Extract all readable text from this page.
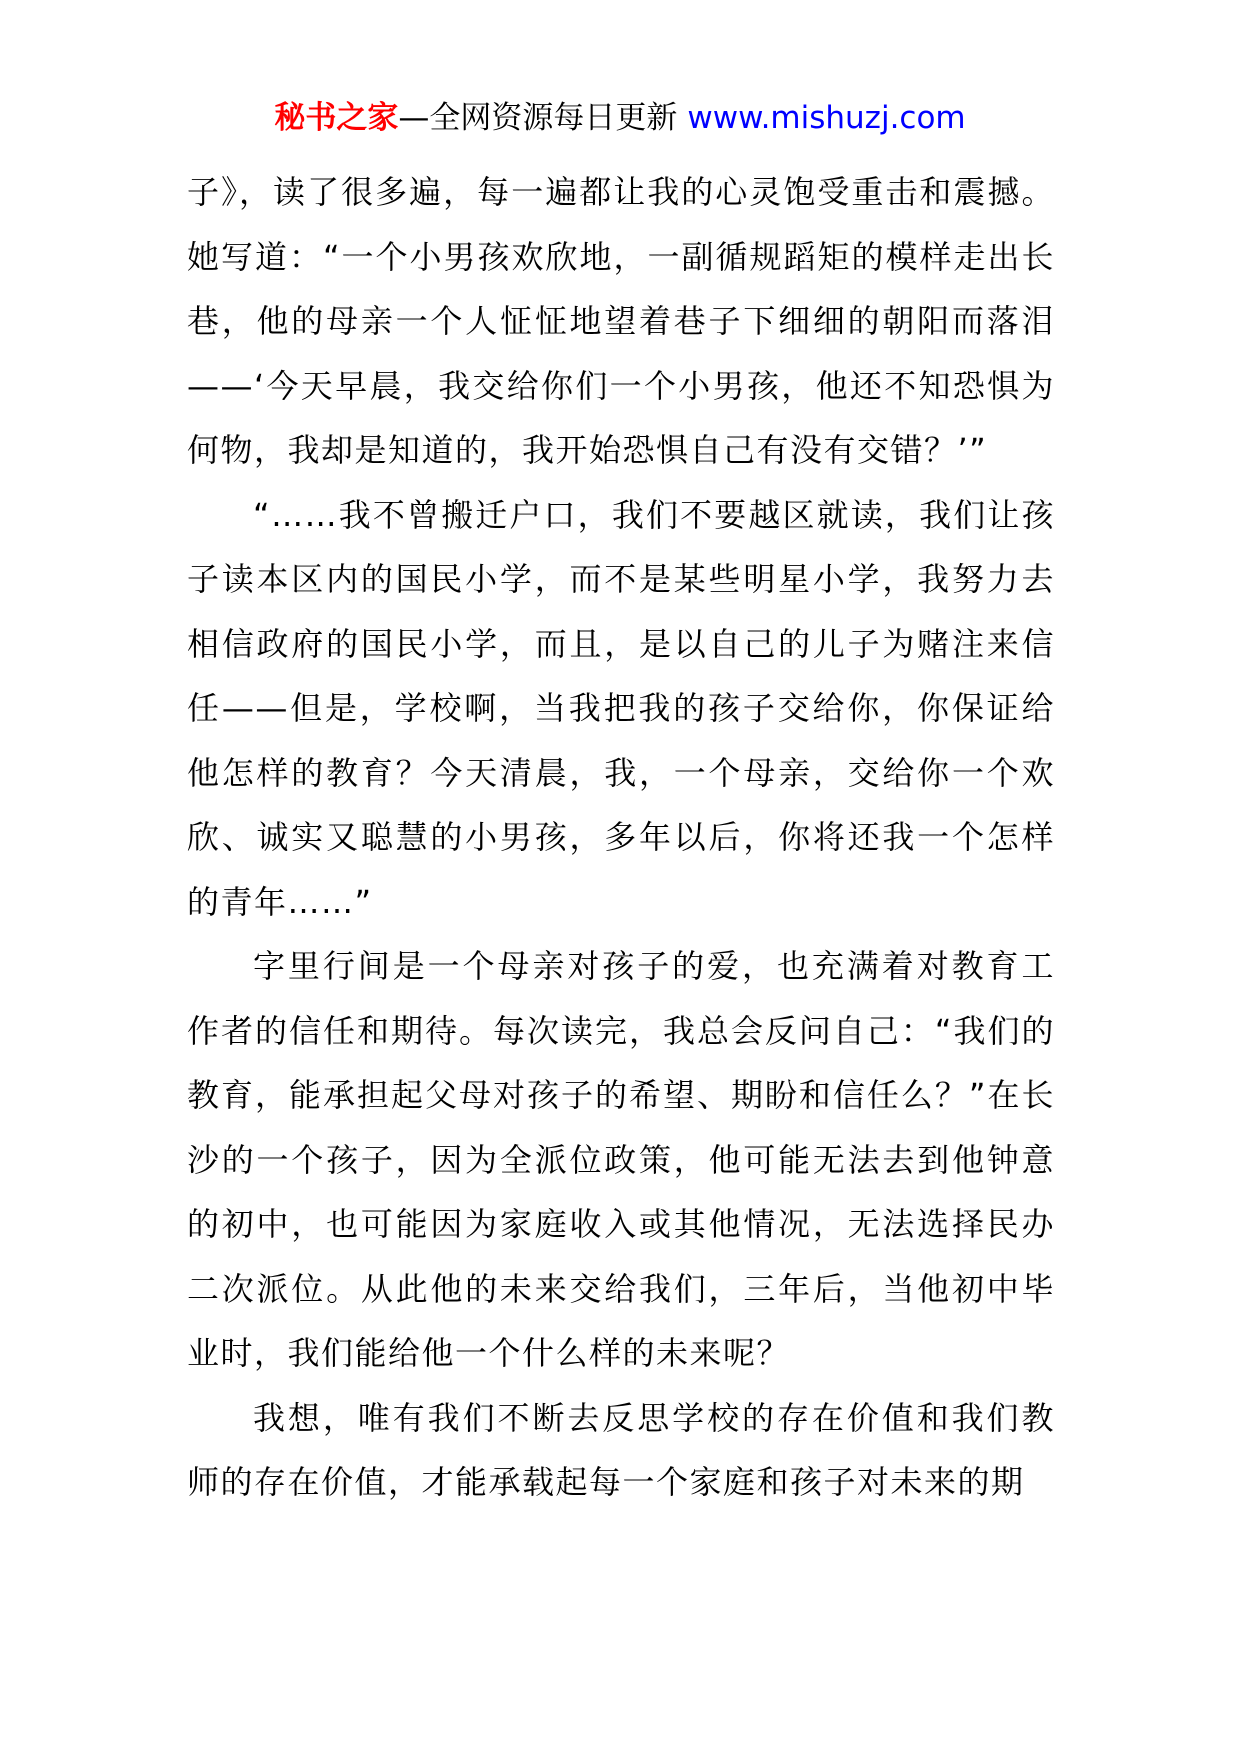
秘书之家—全网资源每日更新 www.mishuzj.com

子》，读了很多遍，每一遍都让我的心灵饱受重击和震撼。她写道：“一个小男孩欢欣地，一副循规蹈矩的模样走出长巷，他的母亲一个人怔怔地望着巷子下细细的朝阳而落泪——‘今天早晨，我交给你们一个小男孩，他还不知恐惧为何物，我却是知道的，我开始恐惧自己有没有交错？’”

“……我不曾搬迁户口，我们不要越区就读，我们让孩子读本区内的国民小学，而不是某些明星小学，我努力去相信政府的国民小学，而且，是以自己的儿子为赌注来信任——但是，学校啊，当我把我的孩子交给你，你保证给他怎样的教育？今天清晨，我，一个母亲，交给你一个欢欣、诚实又聪慧的小男孩，多年以后，你将还我一个怎样的青年……”

字里行间是一个母亲对孩子的爱，也充满着对教育工作者的信任和期待。每次读完，我总会反问自己：“我们的教育，能承担起父母对孩子的希望、期盼和信任么？”在长沙的一个孩子，因为全派位政策，他可能无法去到他钟意的初中，也可能因为家庭收入或其他情况，无法选择民办二次派位。从此他的未来交给我们，三年后，当他初中毕业时，我们能给他一个什么样的未来呢？

我想，唯有我们不断去反思学校的存在价值和我们教师的存在价值，才能承载起每一个家庭和孩子对未来的期
